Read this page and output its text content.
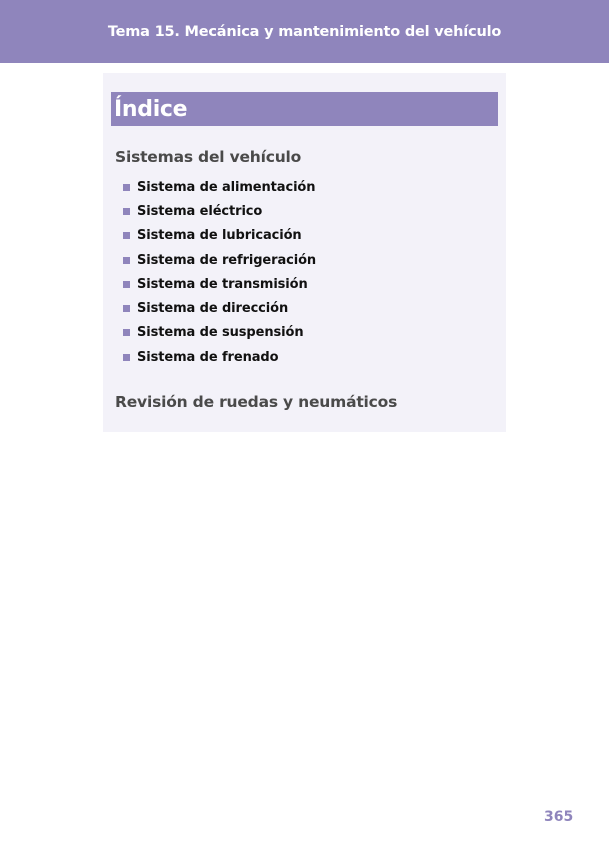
Tema 15. Mecánica y mantenimiento del vehículo
Índice
Sistemas del vehículo
Sistema de alimentación
Sistema eléctrico
Sistema de lubricación
Sistema de refrigeración
Sistema de transmisión
Sistema de dirección
Sistema de suspensión
Sistema de frenado
Revisión de ruedas y neumáticos
365
